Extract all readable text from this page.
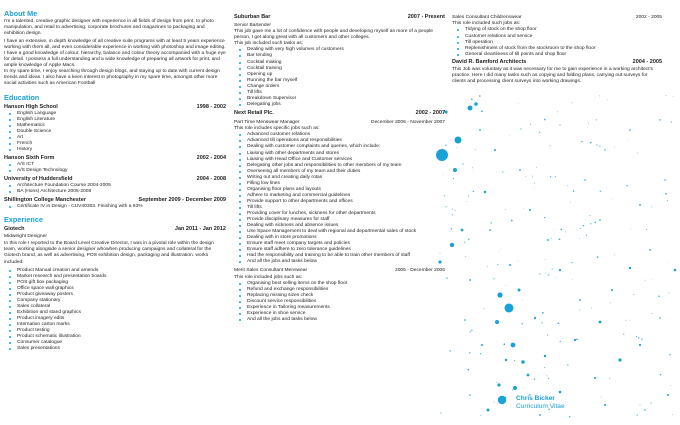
About Me

I'm a talented, creative graphic designer with experience in all fields of design from print, to photo manipulation, and retail to advertising, corporate brochures and magazines to packaging and exhibition design.

I have an extensive, in depth knowledge of all creative suite programs with at least 5 years experience working with them all, and even considerable experience in working with photoshop and image editing. I have a good knowledge of colour, hierarchy, balance and colour theory accompanied with a huge eye for detail. I possess a full understanding and a wide knowledge of preparing all artwork for print, and ample knowledge of Apple Macs.

In my spare time, I enjoy searching through design blogs, and staying up to date with current design trends and ideas. I also have a keen interest in photography in my spare time, amongst other more social activities such as American Football

Education
Hanson High School	1998 - 2002
English Language
English Literature
Mathematics
Double Science
Art
French
History
Hanson Sixth Form	2002 - 2004
A/S ICT
A/S Design Technology
University of Huddersfield	2004 - 2008
Architecture Foundation Course 2004-2005
BA (Hons) Architecture 2005-2008
Shillington College Manchester	September 2009 - December 2009
Certificate IV in Design - CUV40303. Finishing with a 93%
Experience
Giotech	Jan 2011 - Jan 2012
Midweight Designer

In this role I reported to the Board Level Creative Director, I was in a pivotal role within the design team, working alongside a senior designer whowhen producing campaigns and collateral for the Giotech brand, as well as advertising, POS exhibition design, packaging and illustration. works included:

Product Manual creation and amends
Market research and presentation boards
POS gift box packaging
Office space wall graphics
Product giveaway posters
Company stationary
Sales collateral
Exhibition and stand graphics
Product imagery edits
Internation carton marks
Product testing
Product schematic illustration
Consumer catalogue
Sales presentations
Suburban Bar	2007 - Present
Senior Bartender

This job gave me a lot of confidence with people and developing myself as more of a people person, I get along great with all customers and other colleges.

This job included such tasks as:

Dealing with very high volumes of customers
Bar tending
Cocktail making
Cocktail training
Opening up
Running the bar myself
Change orders
Till lifts
Breakdown Supervisor
Delegating jobs
Next Retail Plc.	2002 - 2007
Part Time Menswear Manager	December 2006 - November 2007

This role includes specific jobs such as:

Advanced customer relations
Advanced till operations and responsibilities
Dealing with customer complaints and queries, which include:
Liaising with other departments and stores
Liaising with Head Office and Customer services
Delegating other jobs and responsibilities to other members of my team
Overseeing all members of my team and their duties
Writing out and creating daily rotas
Filling low lines
Organising floor plans and layouts
Adhere to marketing and commercial guidelines
Provide support to other departments and offices
Till lifts
Providing cover for lunches, sickness for other departments
Provide disciplinary measures for staff
Dealing with sickness and absence issues
Use Space Management to deal with regional and departmental sales of stock
Dealing with in store promotions
Ensure staff meet company targets and policies
Ensure staff adhere to zero tolerance guidelines
Had the responsibility and training to be able to train other members of staff
And all the jobs and tasks below
Merit Sales Consultant Menswear	2005 - December 2006

This role included jobs such as:

Organising best selling items on the shop floor
Refund and exchange responsibilities
Replacing missing sizes check
Discount service responsibilities
Experience in Tailoring measurements
Experience in shoe service
And all the jobs and tasks below
Sales Consultant Childrenswear	2002 - 2005

This role included such jobs as:

Tidying of stock on the shop floor
Customer relations and service
Till operation
Replenishment of stock from the stockroom to the shop floor
General cleanliness of till points and shop floor
David R. Bamford Architects	2004 - 2005

This Job was voluntary as it was necessary for me to gain experience in a working architect's practice. Here I did many tasks such as copying and folding plans, carrying out surveys for clients and processing client surveys into working drawings.

Chris Bicker
Curriculum Vitae
